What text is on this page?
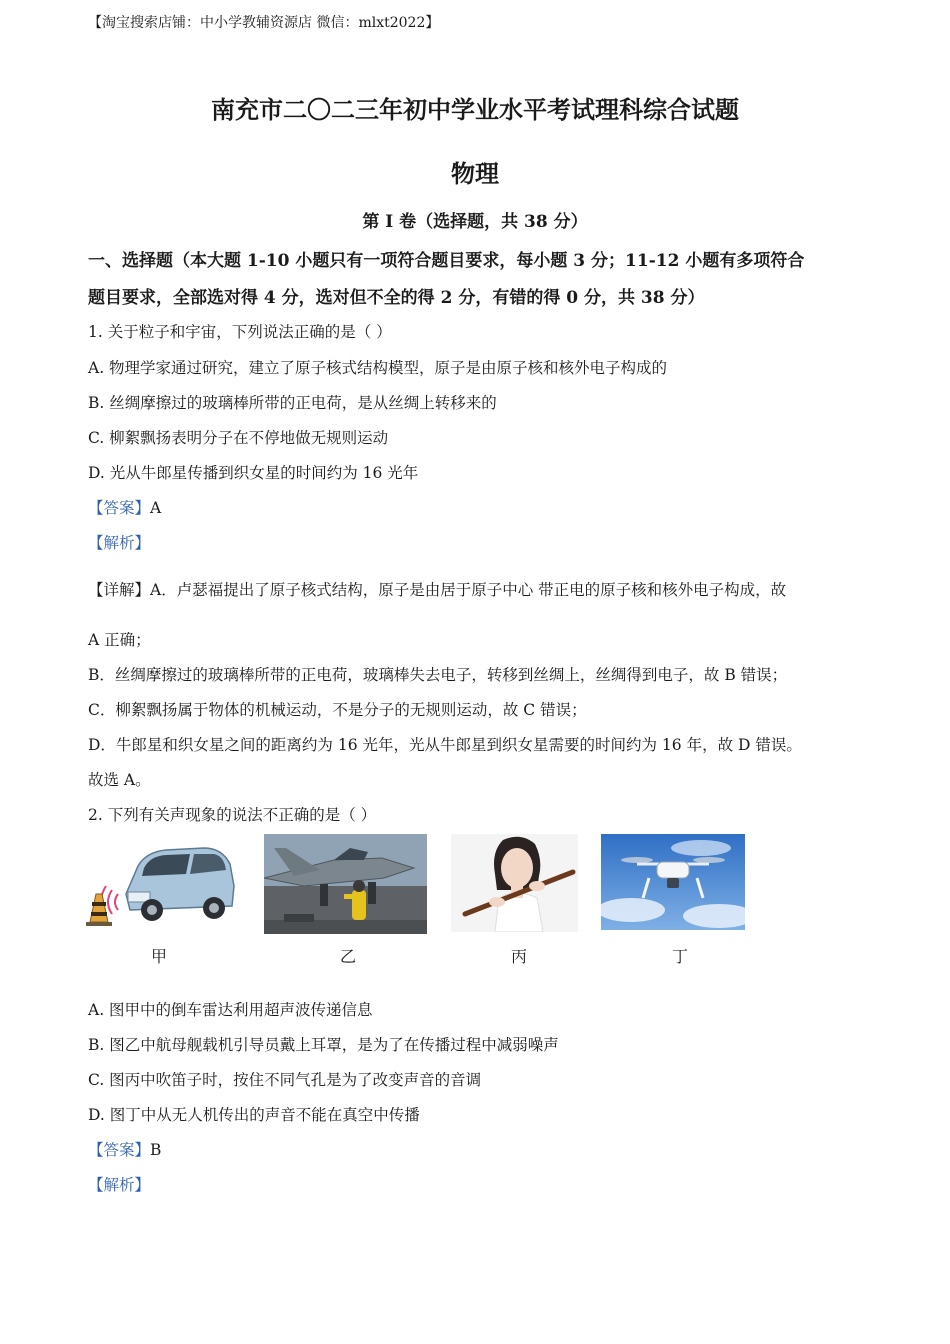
【淘宝搜索店铺：中小学教辅资源店 微信：mlxt2022】
南充市二〇二三年初中学业水平考试理科综合试题
物理
第 I 卷（选择题，共 38 分）
一、选择题（本大题 1-10 小题只有一项符合题目要求，每小题 3 分；11-12 小题有多项符合
题目要求，全部选对得 4 分，选对但不全的得 2 分，有错的得 0 分，共 38 分）
1. 关于粒子和宇宙，下列说法正确的是（ ）
A. 物理学家通过研究，建立了原子核式结构模型，原子是由原子核和核外电子构成的
B. 丝绸摩擦过的玻璃棒所带的正电荷，是从丝绸上转移来的
C. 柳絮飘扬表明分子在不停地做无规则运动
D. 光从牛郎星传播到织女星的时间约为 16 光年
【答案】A
【解析】
【详解】A．卢瑟福提出了原子核式结构，原子是由居于原子中心 带正电的原子核和核外电子构成，故
A 正确；
B．丝绸摩擦过的玻璃棒所带的正电荷，玻璃棒失去电子，转移到丝绸上，丝绸得到电子，故 B 错误；
C．柳絮飘扬属于物体的机械运动，不是分子的无规则运动，故 C 错误；
D．牛郎星和织女星之间的距离约为 16 光年，光从牛郎星到织女星需要的时间约为 16 年，故 D 错误。
故选 A。
2. 下列有关声现象的说法不正确的是（ ）
甲	乙	丙	丁
A. 图甲中的倒车雷达利用超声波传递信息
B. 图乙中航母舰载机引导员戴上耳罩，是为了在传播过程中减弱噪声
C. 图丙中吹笛子时，按住不同气孔是为了改变声音的音调
D. 图丁中从无人机传出的声音不能在真空中传播
【答案】B
【解析】
